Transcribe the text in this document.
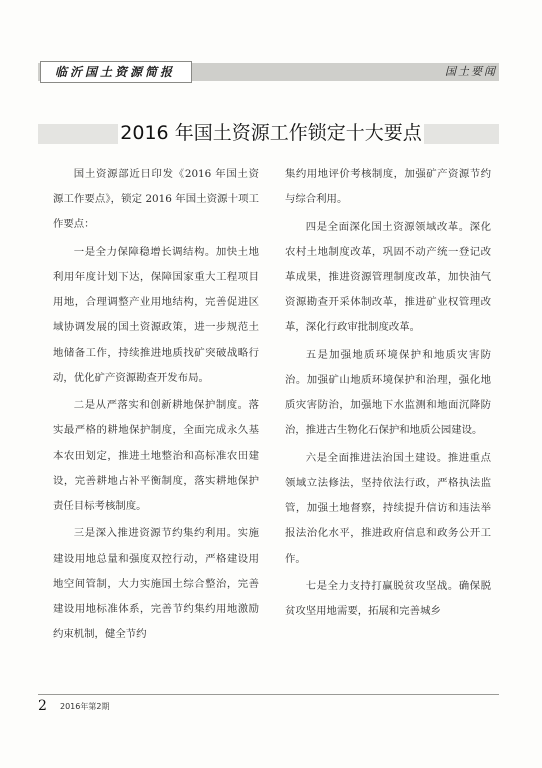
临沂国土资源简报	国土要闻
2016 年国土资源工作锁定十大要点

国土资源部近日印发《2016 年国土资源工作要点》，锁定 2016 年国土资源十项工作要点：

一是全力保障稳增长调结构。加快土地利用年度计划下达，保障国家重大工程项目用地，合理调整产业用地结构，完善促进区域协调发展的国土资源政策，进一步规范土地储备工作，持续推进地质找矿突破战略行动，优化矿产资源勘查开发布局。

二是从严落实和创新耕地保护制度。落实最严格的耕地保护制度，全面完成永久基本农田划定，推进土地整治和高标准农田建设，完善耕地占补平衡制度，落实耕地保护责任目标考核制度。

三是深入推进资源节约集约利用。实施建设用地总量和强度双控行动，严格建设用地空间管制，大力实施国土综合整治，完善建设用地标准体系，完善节约集约用地激励约束机制，健全节约

集约用地评价考核制度，加强矿产资源节约与综合利用。

四是全面深化国土资源领域改革。深化农村土地制度改革，巩固不动产统一登记改革成果，推进资源管理制度改革，加快油气资源勘查开采体制改革，推进矿业权管理改革，深化行政审批制度改革。

五是加强地质环境保护和地质灾害防治。加强矿山地质环境保护和治理，强化地质灾害防治，加强地下水监测和地面沉降防治，推进古生物化石保护和地质公园建设。

六是全面推进法治国土建设。推进重点领域立法修法，坚持依法行政，严格执法监管，加强土地督察，持续提升信访和违法举报法治化水平，推进政府信息和政务公开工作。

七是全力支持打赢脱贫攻坚战。确保脱贫攻坚用地需要，拓展和完善城乡

2 2016年第2期
